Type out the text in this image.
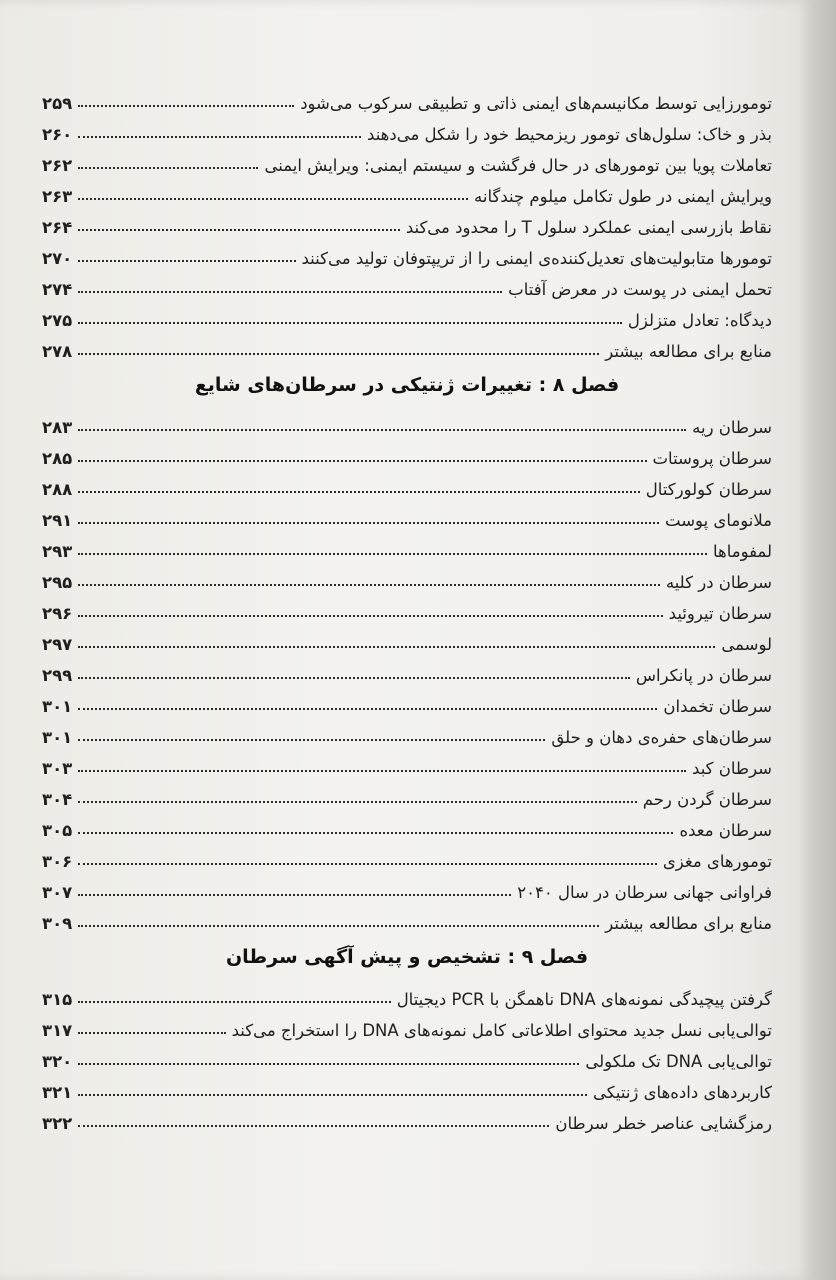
تومورزایی توسط مکانیسم‌های ایمنی ذاتی و تطبیقی سرکوب می‌شود
۲۵۹
بذر و خاک: سلول‌های تومور ریزمحیط خود را شکل می‌دهند
۲۶۰
تعاملات پویا بین تومورهای در حال فرگشت و سیستم ایمنی: ویرایش ایمنی
۲۶۲
ویرایش ایمنی در طول تکامل میلوم چندگانه
۲۶۳
نقاط بازرسی ایمنی عملکرد سلول T را محدود می‌کند
۲۶۴
تومورها متابولیت‌های تعدیل‌کننده‌ی ایمنی را از تریپتوفان تولید می‌کنند
۲۷۰
تحمل ایمنی در پوست در معرض آفتاب
۲۷۴
دیدگاه: تعادل متزلزل
۲۷۵
منابع برای مطالعه بیشتر
۲۷۸
فصل ۸ : تغییرات ژنتیکی در سرطان‌های شایع
سرطان ریه
۲۸۳
سرطان پروستات
۲۸۵
سرطان کولورکتال
۲۸۸
ملانومای پوست
۲۹۱
لمفوماها
۲۹۳
سرطان در کلیه
۲۹۵
سرطان تیروئید
۲۹۶
لوسمی
۲۹۷
سرطان در پانکراس
۲۹۹
سرطان تخمدان
۳۰۱
سرطان‌های حفره‌ی دهان و حلق
۳۰۱
سرطان کبد
۳۰۳
سرطان گردن رحم
۳۰۴
سرطان معده
۳۰۵
تومورهای مغزی
۳۰۶
فراوانی جهانی سرطان در سال ۲۰۴۰
۳۰۷
منابع برای مطالعه بیشتر
۳۰۹
فصل ۹ : تشخیص و پیش آگهی سرطان
گرفتن پیچیدگی نمونه‌های DNA ناهمگن با PCR دیجیتال
۳۱۵
توالی‌یابی نسل جدید محتوای اطلاعاتی کامل نمونه‌های DNA را استخراج می‌کند
۳۱۷
توالی‌یابی DNA تک ملکولی
۳۲۰
کاربردهای داده‌های ژنتیکی
۳۲۱
رمزگشایی عناصر خطر سرطان
۳۲۲
